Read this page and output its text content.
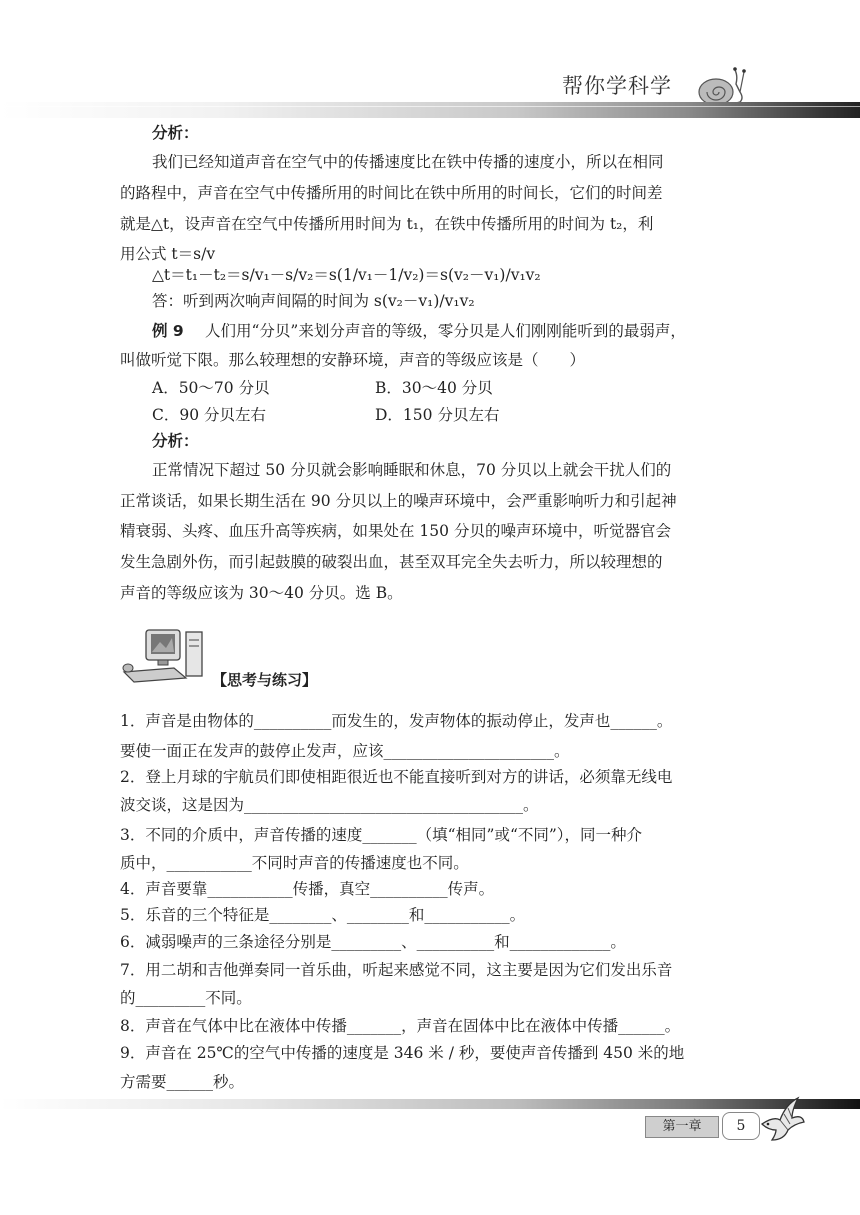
帮你学科学
分析：
我们已经知道声音在空气中的传播速度比在铁中传播的速度小，所以在相同
的路程中，声音在空气中传播所用的时间比在铁中所用的时间长，它们的时间差
就是△t，设声音在空气中传播所用时间为 t₁，在铁中传播所用的时间为 t₂，利
用公式 t＝s/v
△t＝t₁－t₂＝s/v₁－s/v₂＝s(1/v₁－1/v₂)＝s(v₂－v₁)/v₁v₂
答：听到两次响声间隔的时间为 s(v₂－v₁)/v₁v₂
例 9 人们用“分贝”来划分声音的等级，零分贝是人们刚刚能听到的最弱声，
叫做听觉下限。那么较理想的安静环境，声音的等级应该是（　　）
A．50～70 分贝	B．30～40 分贝
C．90 分贝左右	D．150 分贝左右
分析：
正常情况下超过 50 分贝就会影响睡眠和休息，70 分贝以上就会干扰人们的
正常谈话，如果长期生活在 90 分贝以上的噪声环境中，会严重影响听力和引起神
精衰弱、头疼、血压升高等疾病，如果处在 150 分贝的噪声环境中，听觉器官会
发生急剧外伤，而引起鼓膜的破裂出血，甚至双耳完全失去听力，所以较理想的
声音的等级应该为 30～40 分贝。选 B。
【思考与练习】
1．声音是由物体的__________而发生的，发声物体的振动停止，发声也______。
要使一面正在发声的鼓停止发声，应该______________________。
2．登上月球的宇航员们即使相距很近也不能直接听到对方的讲话，必须靠无线电
波交谈，这是因为____________________________________。
3．不同的介质中，声音传播的速度_______（填“相同”或“不同”），同一种介
质中，___________不同时声音的传播速度也不同。
4．声音要靠___________传播，真空__________传声。
5．乐音的三个特征是________、________和___________。
6．减弱噪声的三条途径分别是_________、__________和_____________。
7．用二胡和吉他弹奏同一首乐曲，听起来感觉不同，这主要是因为它们发出乐音
的_________不同。
8．声音在气体中比在液体中传播_______，声音在固体中比在液体中传播______。
9．声音在 25℃的空气中传播的速度是 346 米 / 秒，要使声音传播到 450 米的地
方需要______秒。
第一章	5
